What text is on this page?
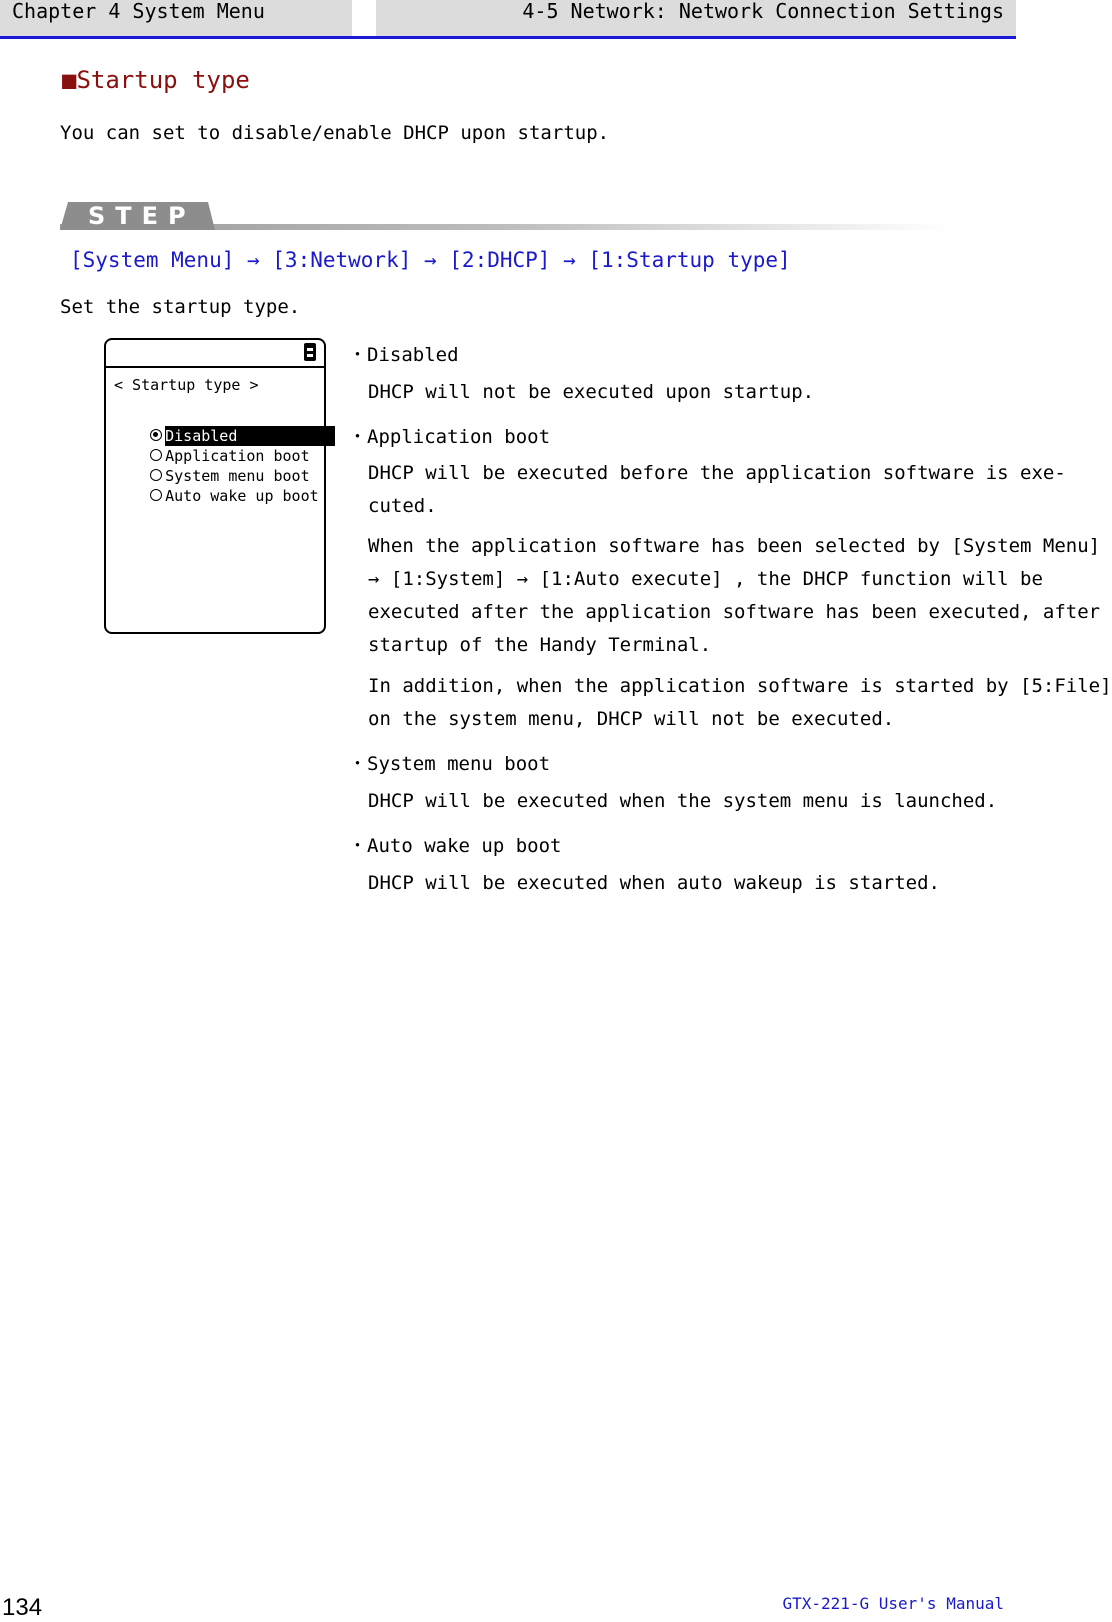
Chapter 4 System Menu	4-5 Network: Network Connection Settings
■Startup type
You can set to disable/enable DHCP upon startup.
STEP
[System Menu] → [3:Network] → [2:DHCP] → [1:Startup type]
Set the startup type.
< Startup type >

Disabled

Application boot

System menu boot

Auto wake up boot

・Disabled
DHCP will not be executed upon startup.
・Application boot
DHCP will be executed before the application software is exe-
cuted.
When the application software has been selected by [System Menu]
→ [1:System] → [1:Auto execute] , the DHCP function will be
executed after the application software has been executed, after
startup of the Handy Terminal.
In addition, when the application software is started by [5:File]
on the system menu, DHCP will not be executed.
・System menu boot
DHCP will be executed when the system menu is launched.
・Auto wake up boot
DHCP will be executed when auto wakeup is started.
134	GTX-221-G User's Manual
